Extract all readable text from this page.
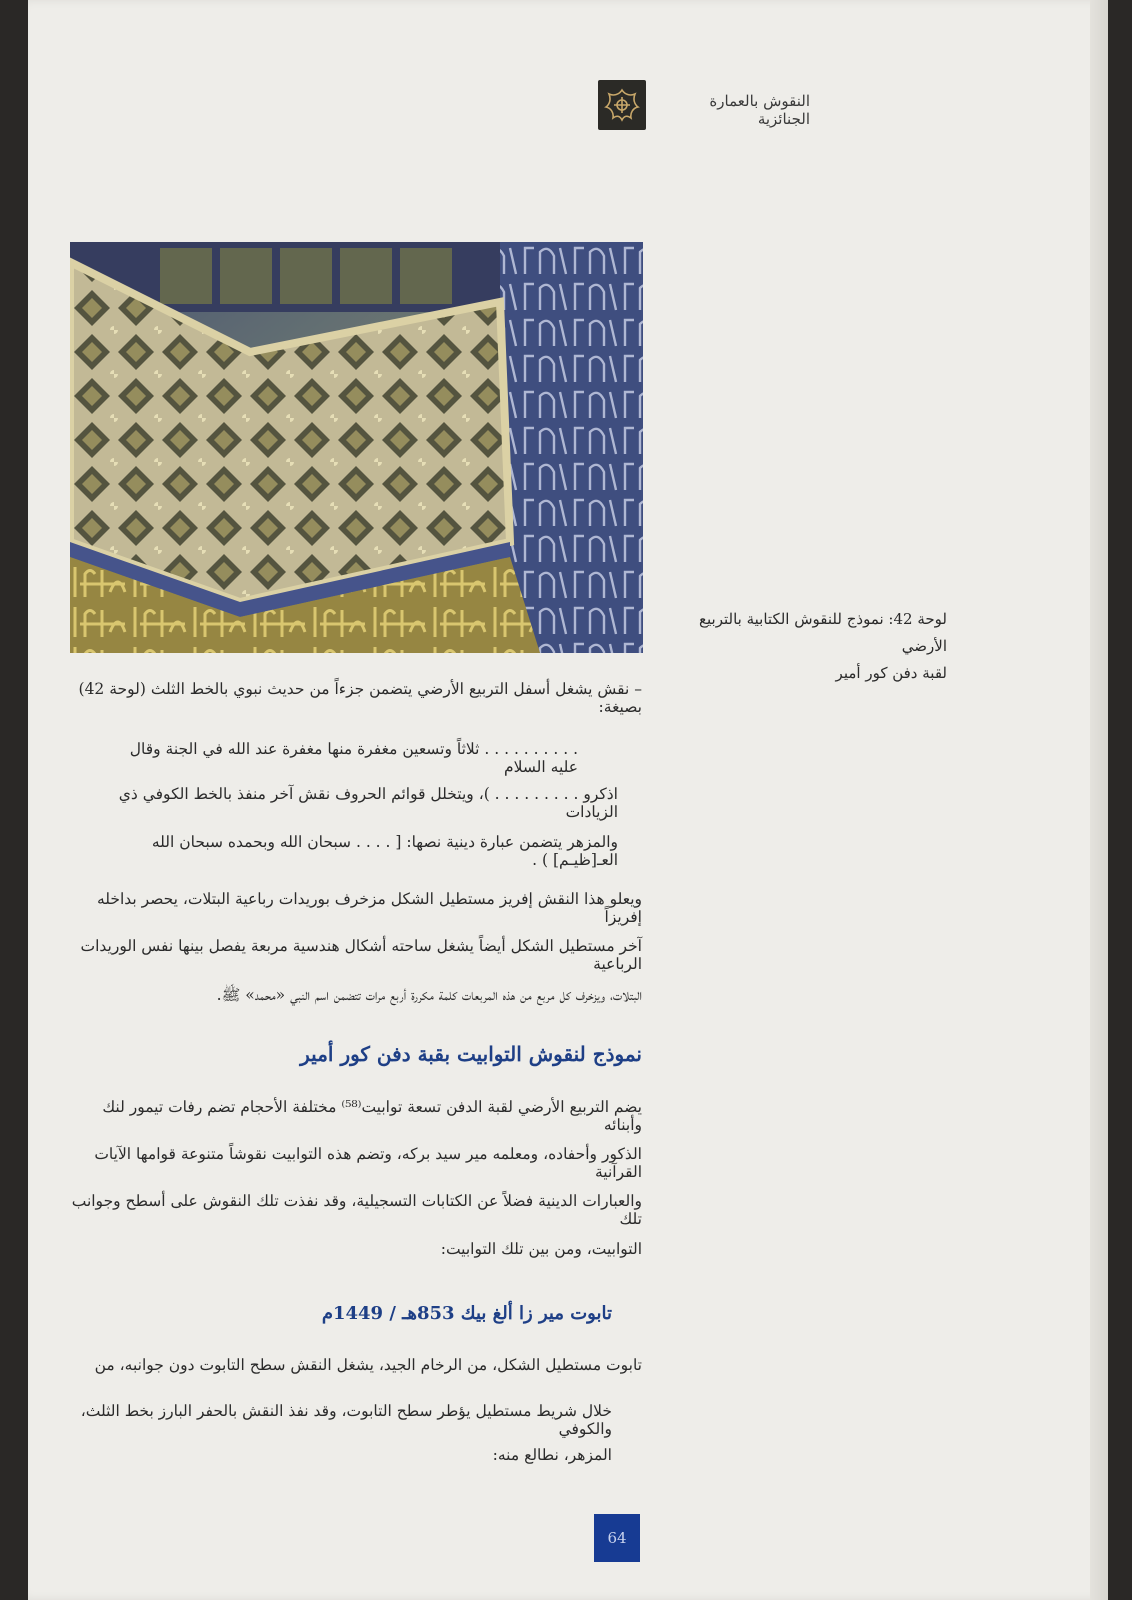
النقوش بالعمارة الجنائزية
لوحة 42: نموذج للنقوش الكتابية بالتربيع الأرضي
لقبة دفن كور أمير
– نقش يشغل أسفل التربيع الأرضي يتضمن جزءاً من حديث نبوي بالخط الثلث (لوحة 42) بصيغة:
. . . . . . . . . . ثلاثاً وتسعين مغفرة منها مغفرة عند الله في الجنة وقال عليه السلام
اذكرو . . . . . . . . . )، ويتخلل قوائم الحروف نقش آخر منفذ بالخط الكوفي ذي الزيادات
والمزهر يتضمن عبارة دينية نصها: [ . . . . سبحان الله وبحمده سبحان الله العـ[ظيـم] ) .
ويعلو هذا النقش إفريز مستطيل الشكل مزخرف بوريدات رباعية البتلات، يحصر بداخله إفريزاً
آخر مستطيل الشكل أيضاً يشغل ساحته أشكال هندسية مربعة يفصل بينها نفس الوريدات الرباعية
البتلات، ويزخرف كل مربع من هذه المربعات كلمة مكررة أربع مرات تتضمن اسم النبي «محمد» ﷺ.
نموذج لنقوش التوابيت بقبة دفن كور أمير
يضم التربيع الأرضي لقبة الدفن تسعة توابيت⁽⁵⁸⁾ مختلفة الأحجام تضم رفات تيمور لنك وأبنائه
الذكور وأحفاده، ومعلمه مير سيد بركه، وتضم هذه التوابيت نقوشاً متنوعة قوامها الآيات القرآنية
والعبارات الدينية فضلاً عن الكتابات التسجيلية، وقد نفذت تلك النقوش على أسطح وجوانب تلك
التوابيت، ومن بين تلك التوابيت:
تابوت مير زا ألغ بيك 853هـ / 1449م
تابوت مستطيل الشكل، من الرخام الجيد، يشغل النقش سطح التابوت دون جوانبه، من
خلال شريط مستطيل يؤطر سطح التابوت، وقد نفذ النقش بالحفر البارز بخط الثلث، والكوفي
المزهر، نطالع منه:
64
